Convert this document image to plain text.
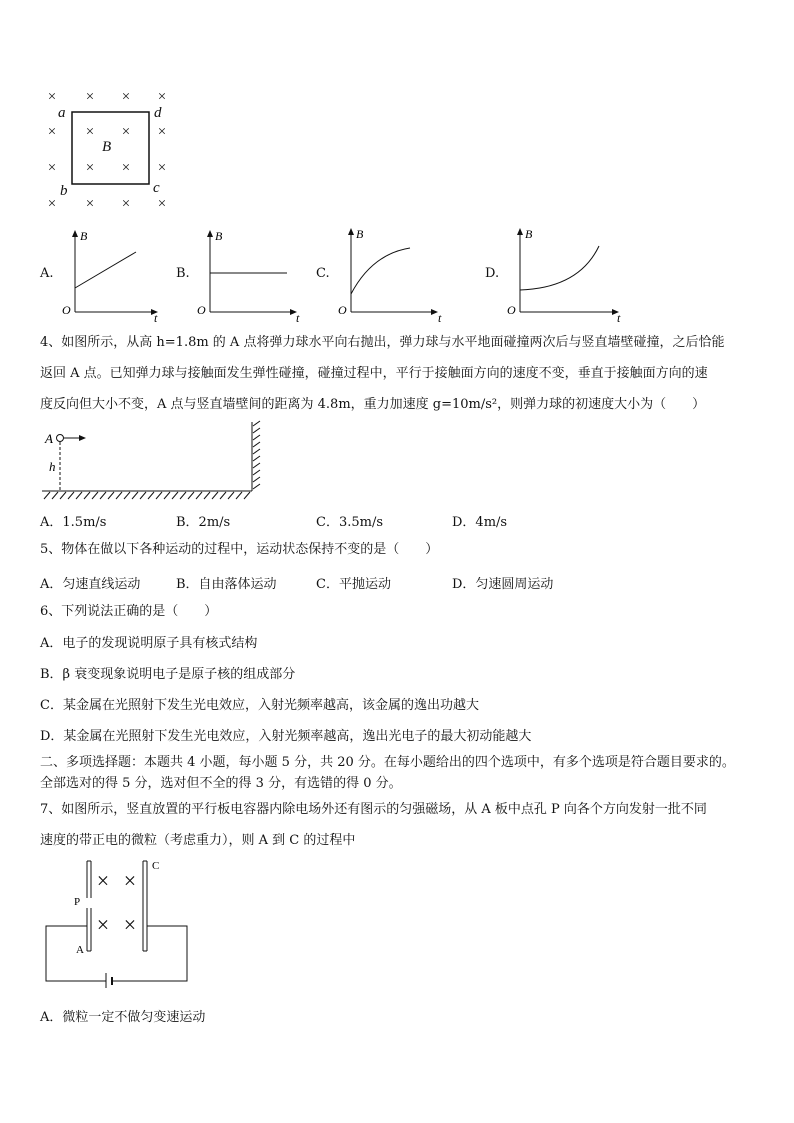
× × × ×
× × × ×
× × × ×
× × × ×
a	d
b	c
B
A.
B
t
O
B.
B
t
O
C.
B
t
O
D.
B
t
O
4、如图所示，从高 h=1.8m 的 A 点将弹力球水平向右抛出，弹力球与水平地面碰撞两次后与竖直墙壁碰撞，之后恰能
返回 A 点。已知弹力球与接触面发生弹性碰撞，碰撞过程中，平行于接触面方向的速度不变，垂直于接触面方向的速
度反向但大小不变，A 点与竖直墙壁间的距离为 4.8m，重力加速度 g=10m/s²，则弹力球的初速度大小为（　　）
A
h
A．1.5m/s	B．2m/s	C．3.5m/s	D．4m/s
5、物体在做以下各种运动的过程中，运动状态保持不变的是（　　）
A．匀速直线运动	B．自由落体运动	C．平抛运动	D．匀速圆周运动
6、下列说法正确的是（　　）
A．电子的发现说明原子具有核式结构
B．β 衰变现象说明电子是原子核的组成部分
C．某金属在光照射下发生光电效应，入射光频率越高，该金属的逸出功越大
D．某金属在光照射下发生光电效应，入射光频率越高，逸出光电子的最大初动能越大
二、多项选择题：本题共 4 小题，每小题 5 分，共 20 分。在每小题给出的四个选项中，有多个选项是符合题目要求的。
全部选对的得 5 分，选对但不全的得 3 分，有选错的得 0 分。
7、如图所示，竖直放置的平行板电容器内除电场外还有图示的匀强磁场，从 A 板中点孔 P 向各个方向发射一批不同
速度的带正电的微粒（考虑重力），则 A 到 C 的过程中
× ×
× ×
P
A
C
A．微粒一定不做匀变速运动
